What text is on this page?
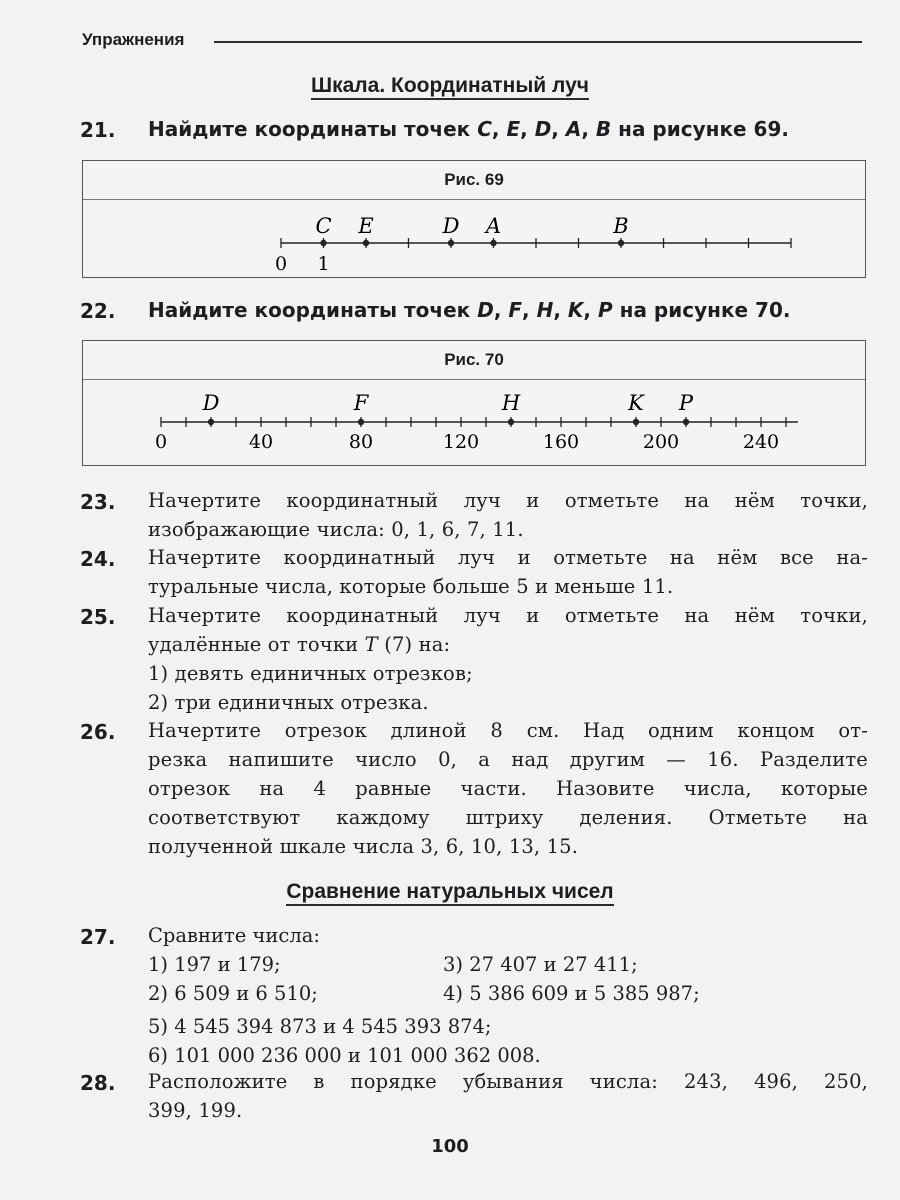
Упражнения
Шкала. Координатный луч
21. Найдите координаты точек C, E, D, A, B на рисунке 69.
Рис. 69
0 1
C E	D A	B
22. Найдите координаты точек D, F, H, K, P на рисунке 70.
Рис. 70
0	40	80	120	160	200	240
D	F	H	K P
23. Начертите координатный луч и отметьте на нём точки,
изображающие числа: 0, 1, 6, 7, 11.
24. Начертите координатный луч и отметьте на нём все на-
туральные числа, которые больше 5 и меньше 11.
25. Начертите координатный луч и отметьте на нём точки,
удалённые от точки T (7) на:
1) девять единичных отрезков;
2) три единичных отрезка.
26. Начертите отрезок длиной 8 см. Над одним концом от-
резка напишите число 0, а над другим — 16. Разделите
отрезок на 4 равные части. Назовите числа, которые
соответствуют каждому штриху деления. Отметьте на
полученной шкале числа 3, 6, 10, 13, 15.
Сравнение натуральных чисел
27. Сравните числа:
1) 197 и 179;	3) 27 407 и 27 411;
2) 6 509 и 6 510;	4) 5 386 609 и 5 385 987;
5) 4 545 394 873 и 4 545 393 874;
6) 101 000 236 000 и 101 000 362 008.
28. Расположите в порядке убывания числа: 243, 496, 250,
399, 199.
100
